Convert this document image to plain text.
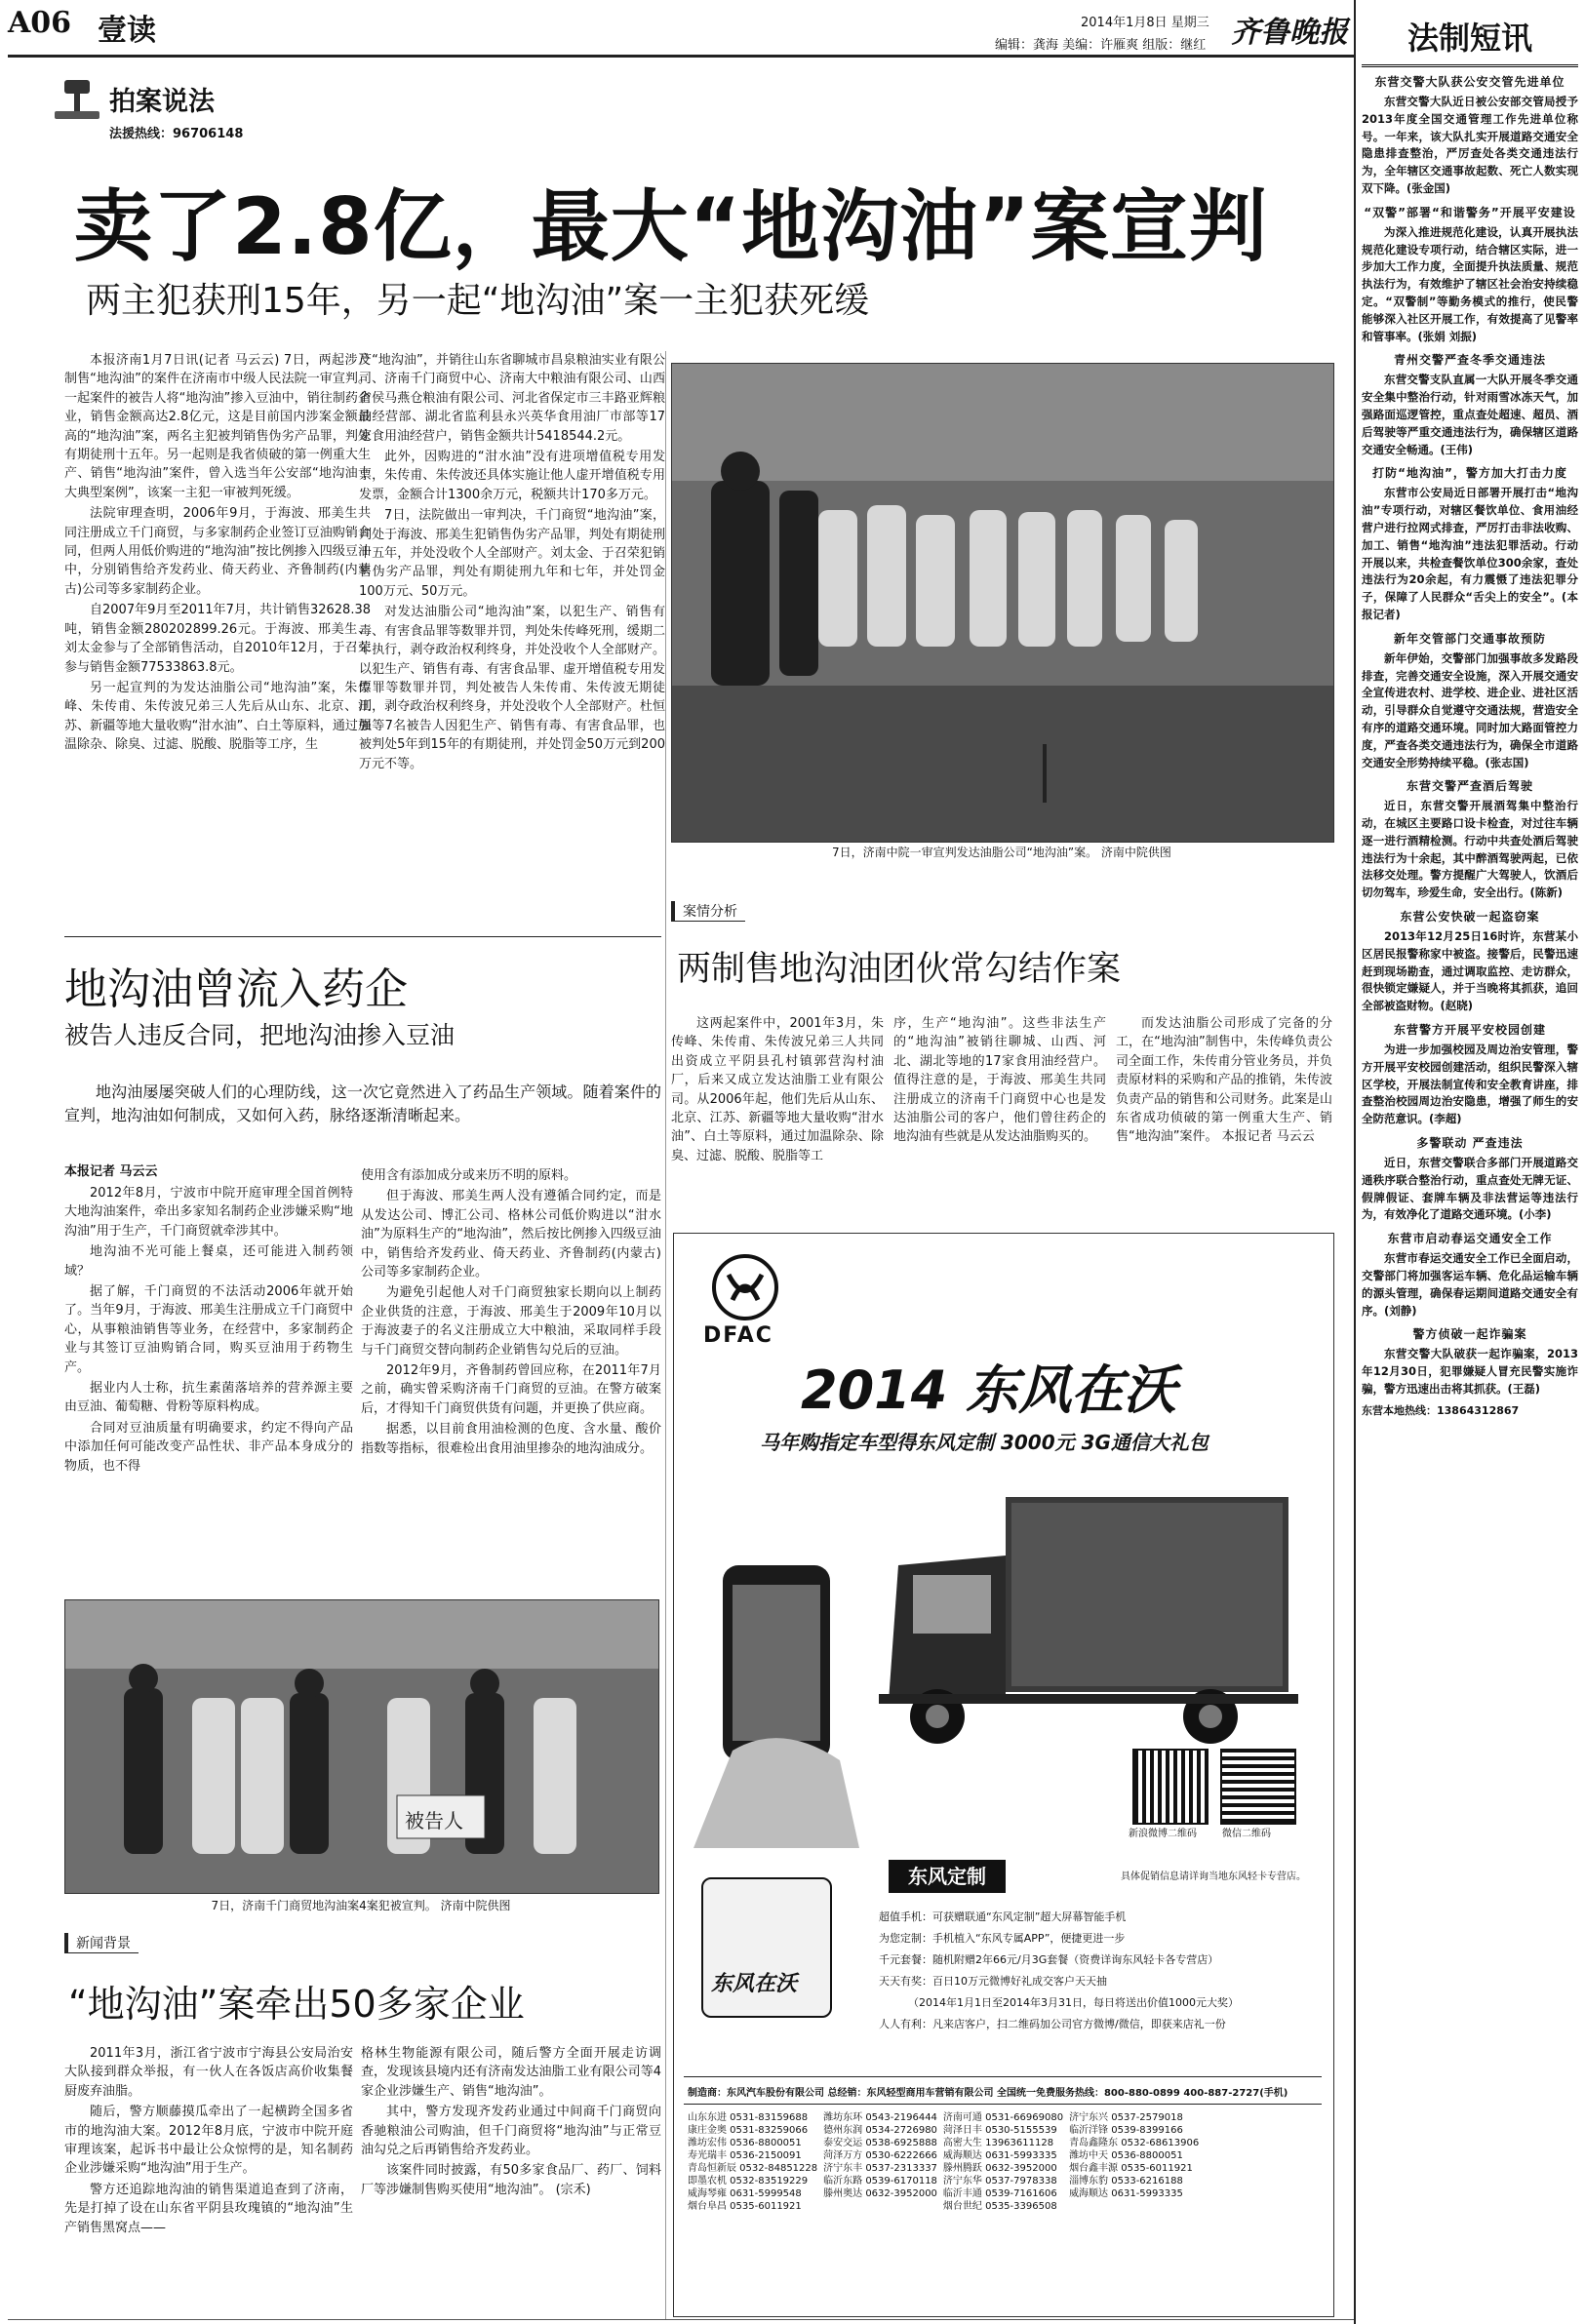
A06 壹读	2014年1月8日 星期三
编辑：龚海 美编：许雁爽 组版：继红 齐鲁晚报
拍案说法
法援热线：96706148
卖了2.8亿，最大“地沟油”案宣判
两主犯获刑15年，另一起“地沟油”案一主犯获死缓

本报济南1月7日讯(记者 马云云) 7日，两起涉及制售“地沟油”的案件在济南市中级人民法院一审宣判。一起案件的被告人将“地沟油”掺入豆油中，销往制药企业，销售金额高达2.8亿元，这是目前国内涉案金额最高的“地沟油”案，两名主犯被判销售伪劣产品罪，判处有期徒刑十五年。另一起则是我省侦破的第一例重大生产、销售“地沟油”案件，曾入选当年公安部“地沟油十大典型案例”，该案一主犯一审被判死缓。

法院审理查明，2006年9月，于海波、邢美生共同注册成立千门商贸，与多家制药企业签订豆油购销合同，但两人用低价购进的“地沟油”按比例掺入四级豆油中，分别销售给齐发药业、倚天药业、齐鲁制药(内蒙古)公司等多家制药企业。

自2007年9月至2011年7月，共计销售32628.38吨，销售金额280202899.26元。于海波、邢美生、刘太金参与了全部销售活动，自2010年12月，于召荣参与销售金额77533863.8元。

另一起宣判的为发达油脂公司“地沟油”案，朱传峰、朱传甫、朱传波兄弟三人先后从山东、北京、江苏、新疆等地大量收购“泔水油”、白土等原料，通过加温除杂、除臭、过滤、脱酸、脱脂等工序，生

产“地沟油”，并销往山东省聊城市昌泉粮油实业有限公司、济南千门商贸中心、济南大中粮油有限公司、山西省侯马燕仓粮油有限公司、河北省保定市三丰路亚辉粮油经营部、湖北省监利县永兴英华食用油厂市部等17家食用油经营户，销售金额共计5418544.2元。

此外，因购进的“泔水油”没有进项增值税专用发票，朱传甫、朱传波还具体实施让他人虚开增值税专用发票，金额合计1300余万元，税额共计170多万元。

7日，法院做出一审判决，千门商贸“地沟油”案，判处于海波、邢美生犯销售伪劣产品罪，判处有期徒刑十五年，并处没收个人全部财产。刘太金、于召荣犯销售伪劣产品罪，判处有期徒刑九年和七年，并处罚金100万元、50万元。

对发达油脂公司“地沟油”案，以犯生产、销售有毒、有害食品罪等数罪并罚，判处朱传峰死刑，缓期二年执行，剥夺政治权利终身，并处没收个人全部财产。以犯生产、销售有毒、有害食品罪、虚开增值税专用发票罪等数罪并罚，判处被告人朱传甫、朱传波无期徒刑，剥夺政治权利终身，并处没收个人全部财产。杜恒强等7名被告人因犯生产、销售有毒、有害食品罪，也被判处5年到15年的有期徒刑，并处罚金50万元到200万元不等。

7日，济南中院一审宣判发达油脂公司“地沟油”案。 济南中院供图
案情分析
两制售地沟油团伙常勾结作案

这两起案件中，2001年3月，朱传峰、朱传甫、朱传波兄弟三人共同出资成立平阴县孔村镇郭营沟村油厂，后来又成立发达油脂工业有限公司。从2006年起，他们先后从山东、北京、江苏、新疆等地大量收购“泔水油”、白土等原料，通过加温除杂、除臭、过滤、脱酸、脱脂等工

序，生产“地沟油”。这些非法生产的“地沟油”被销往聊城、山西、河北、湖北等地的17家食用油经营户。值得注意的是，于海波、邢美生共同注册成立的济南千门商贸中心也是发达油脂公司的客户，他们曾往药企的地沟油有些就是从发达油脂购买的。

而发达油脂公司形成了完备的分工，在“地沟油”制售中，朱传峰负责公司全面工作，朱传甫分管业务员，并负责原材料的采购和产品的推销，朱传波负责产品的销售和公司财务。此案是山东省成功侦破的第一例重大生产、销售“地沟油”案件。 本报记者 马云云

地沟油曾流入药企
被告人违反合同，把地沟油掺入豆油

地沟油屡屡突破人们的心理防线，这一次它竟然进入了药品生产领域。随着案件的宣判，地沟油如何制成，又如何入药，脉络逐渐清晰起来。

本报记者 马云云

2012年8月，宁波市中院开庭审理全国首例特大地沟油案件，牵出多家知名制药企业涉嫌采购“地沟油”用于生产，千门商贸就牵涉其中。

地沟油不光可能上餐桌，还可能进入制药领域？

据了解，千门商贸的不法活动2006年就开始了。当年9月，于海波、邢美生注册成立千门商贸中心，从事粮油销售等业务，在经营中，多家制药企业与其签订豆油购销合同，购买豆油用于药物生产。

据业内人士称，抗生素菌落培养的营养源主要由豆油、葡萄糖、骨粉等原料构成。

合同对豆油质量有明确要求，约定不得向产品中添加任何可能改变产品性状、非产品本身成分的物质，也不得

使用含有添加成分或来历不明的原料。

但于海波、邢美生两人没有遵循合同约定，而是从发达公司、博汇公司、格林公司低价购进以“泔水油”为原料生产的“地沟油”，然后按比例掺入四级豆油中，销售给齐发药业、倚天药业、齐鲁制药(内蒙古)公司等多家制药企业。

为避免引起他人对千门商贸独家长期向以上制药企业供货的注意，于海波、邢美生于2009年10月以于海波妻子的名义注册成立大中粮油，采取同样手段与千门商贸交替向制药企业销售勾兑后的豆油。

2012年9月，齐鲁制药曾回应称，在2011年7月之前，确实曾采购济南千门商贸的豆油。在警方破案后，才得知千门商贸供货有问题，并更换了供应商。

据悉，以目前食用油检测的色度、含水量、酸价指数等指标，很难检出食用油里掺杂的地沟油成分。

被告人
7日，济南千门商贸地沟油案4案犯被宣判。 济南中院供图
新闻背景
“地沟油”案牵出50多家企业

2011年3月，浙江省宁波市宁海县公安局治安大队接到群众举报，有一伙人在各饭店高价收集餐厨废弃油脂。

随后，警方顺藤摸瓜牵出了一起横跨全国多省市的地沟油大案。2012年8月底，宁波市中院开庭审理该案，起诉书中最让公众惊愕的是，知名制药企业涉嫌采购“地沟油”用于生产。

警方还追踪地沟油的销售渠道追查到了济南，先是打掉了设在山东省平阴县玫瑰镇的“地沟油”生产销售黑窝点——

格林生物能源有限公司，随后警方全面开展走访调查，发现该县境内还有济南发达油脂工业有限公司等4家企业涉嫌生产、销售“地沟油”。

其中，警方发现齐发药业通过中间商千门商贸向香驰粮油公司购油，但千门商贸将“地沟油”与正常豆油勾兑之后再销售给齐发药业。

该案件同时披露，有50多家食品厂、药厂、饲料厂等涉嫌制售购买使用“地沟油”。 (宗禾)

DFAC
2014 东风在沃
马年购指定车型得东风定制 3000元 3G通信大礼包
新浪微博二维码	微信二维码
具体促销信息请详询当地东风轻卡专营店。
东风定制
东风在沃
超值手机：可获赠联通“东风定制”超大屏幕智能手机
为您定制：手机植入“东风专属APP”，便捷更进一步
千元套餐：随机附赠2年66元/月3G套餐（资费详询东风轻卡各专营店）
天天有奖：百日10万元微博好礼成交客户天天抽
（2014年1月1日至2014年3月31日，每日将送出价值1000元大奖）
人人有利：凡来店客户，扫二维码加公司官方微博/微信，即获来店礼一份
制造商：东风汽车股份有限公司 总经销：东风轻型商用车营销有限公司 全国统一免费服务热线：800-880-0899 400-887-2727(手机)
山东东进 0531-83159688	潍坊东环 0543-2196444	济南可通 0531-66969080	济宁东兴 0537-2579018
康庄金奥 0531-83259066	德州东润 0534-2726980	菏泽日丰 0530-5155539	临沂洋锋 0539-8399166
潍坊宏伟 0536-8800051	泰安交运 0538-6925888	高密大生 13963611128	青岛鑫隆东 0532-68613906
寿光瑞丰 0536-2150091	菏泽万方 0530-6222666	威海顺达 0631-5993335	潍坊中天 0536-8800051
青岛恒新辰 0532-84851228	济宁东丰 0537-2313337	滕州腾跃 0632-3952000	烟台鑫丰源 0535-6011921
即墨农机 0532-83519229	临沂东路 0539-6170118	济宁东华 0537-7978338	淄博东豹 0533-6216188
威海琴雍 0631-5999548	滕州奥达 0632-3952000	临沂丰通 0539-7161606	威海顺达 0631-5993335
烟台阜昌 0535-6011921		烟台世纪 0535-3396508	
法制短讯
东营交警大队获公安交管先进单位

东营交警大队近日被公安部交管局授予2013年度全国交通管理工作先进单位称号。一年来，该大队扎实开展道路交通安全隐患排查整治，严厉查处各类交通违法行为，全年辖区交通事故起数、死亡人数实现双下降。(张金国)

“双警”部署“和谐警务”开展平安建设

为深入推进规范化建设，认真开展执法规范化建设专项行动，结合辖区实际，进一步加大工作力度，全面提升执法质量、规范执法行为，有效维护了辖区社会治安持续稳定。“双警制”等勤务模式的推行，使民警能够深入社区开展工作，有效提高了见警率和管事率。(张娟 刘振)

青州交警严查冬季交通违法

东营交警支队直属一大队开展冬季交通安全集中整治行动，针对雨雪冰冻天气，加强路面巡逻管控，重点查处超速、超员、酒后驾驶等严重交通违法行为，确保辖区道路交通安全畅通。(王伟)

打防“地沟油”，警方加大打击力度

东营市公安局近日部署开展打击“地沟油”专项行动，对辖区餐饮单位、食用油经营户进行拉网式排查，严厉打击非法收购、加工、销售“地沟油”违法犯罪活动。行动开展以来，共检查餐饮单位300余家，查处违法行为20余起，有力震慑了违法犯罪分子，保障了人民群众“舌尖上的安全”。(本报记者)

新年交管部门交通事故预防

新年伊始，交警部门加强事故多发路段排查，完善交通安全设施，深入开展交通安全宣传进农村、进学校、进企业、进社区活动，引导群众自觉遵守交通法规，营造安全有序的道路交通环境。同时加大路面管控力度，严查各类交通违法行为，确保全市道路交通安全形势持续平稳。(张志国)

东营交警严查酒后驾驶

近日，东营交警开展酒驾集中整治行动，在城区主要路口设卡检查，对过往车辆逐一进行酒精检测。行动中共查处酒后驾驶违法行为十余起，其中醉酒驾驶两起，已依法移交处理。警方提醒广大驾驶人，饮酒后切勿驾车，珍爱生命，安全出行。(陈新)

东营公安快破一起盗窃案

2013年12月25日16时许，东营某小区居民报警称家中被盗。接警后，民警迅速赶到现场勘查，通过调取监控、走访群众，很快锁定嫌疑人，并于当晚将其抓获，追回全部被盗财物。(赵晓)

东营警方开展平安校园创建

为进一步加强校园及周边治安管理，警方开展平安校园创建活动，组织民警深入辖区学校，开展法制宣传和安全教育讲座，排查整治校园周边治安隐患，增强了师生的安全防范意识。(李超)

多警联动 严查违法

近日，东营交警联合多部门开展道路交通秩序联合整治行动，重点查处无牌无证、假牌假证、套牌车辆及非法营运等违法行为，有效净化了道路交通环境。(小李)

东营市启动春运交通安全工作

东营市春运交通安全工作已全面启动，交警部门将加强客运车辆、危化品运输车辆的源头管理，确保春运期间道路交通安全有序。(刘静)

警方侦破一起诈骗案

东营交警大队破获一起诈骗案，2013年12月30日，犯罪嫌疑人冒充民警实施诈骗，警方迅速出击将其抓获。(王磊)

东营本地热线：13864312867
